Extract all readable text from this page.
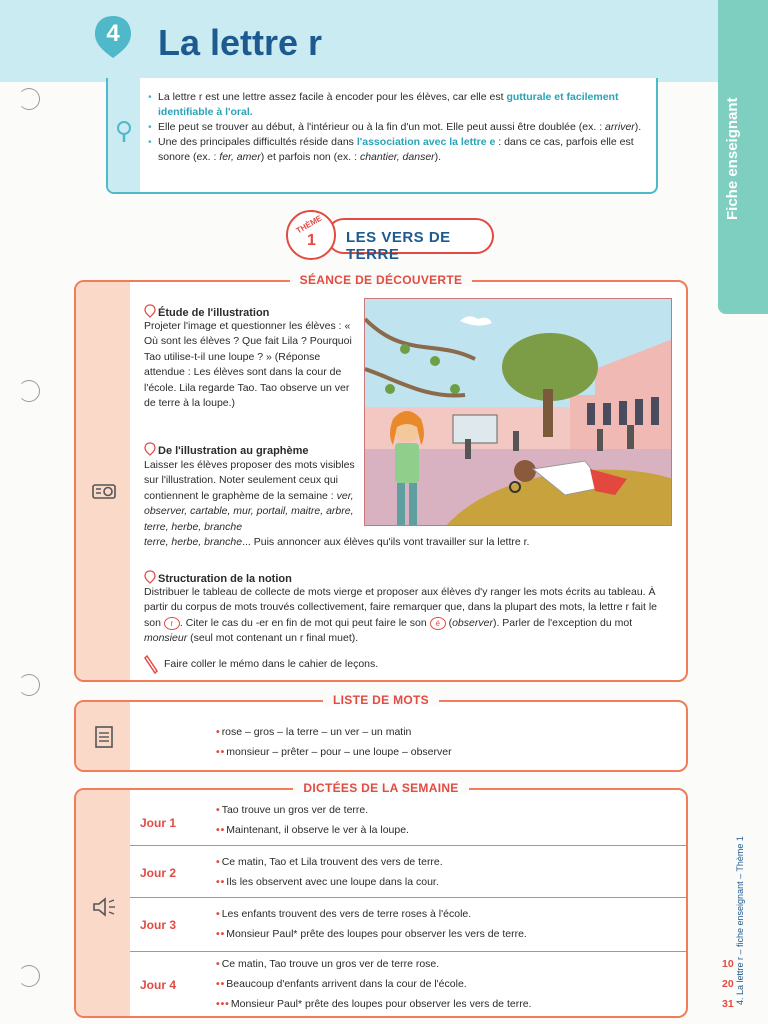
4	La lettre r
Fiche enseignant
4. La lettre r – fiche enseignant – Thème 1
• La lettre r est une lettre assez facile à encoder pour les élèves, car elle est gutturale et facilement identifiable à l'oral.
• Elle peut se trouver au début, à l'intérieur ou à la fin d'un mot. Elle peut aussi être doublée (ex. : arriver).
• Une des principales difficultés réside dans l'association avec la lettre e : dans ce cas, parfois elle est sonore (ex. : fer, amer) et parfois non (ex. : chantier, danser).
LES VERS DE TERRE
THÈME
1
SÉANCE DE DÉCOUVERTE
Étude de l'illustration
Projeter l'image et questionner les élèves : « Où sont les élèves ? Que fait Lila ? Pourquoi Tao utilise-t-il une loupe ? » (Réponse attendue : Les élèves sont dans la cour de l'école. Lila regarde Tao. Tao observe un ver de terre à la loupe.)
De l'illustration au graphème
Laisser les élèves proposer des mots visibles sur l'illustration. Noter seulement ceux qui contiennent le graphème de la semaine : ver, observer, cartable, mur, portail, maitre, arbre, terre, herbe, branche
terre, herbe, branche... Puis annoncer aux élèves qu'ils vont travailler sur la lettre r.
Structuration de la notion
Distribuer le tableau de collecte de mots vierge et proposer aux élèves d'y ranger les mots écrits au tableau. À partir du corpus de mots trouvés collectivement, faire remarquer que, dans la plupart des mots, la lettre r fait le son r . Citer le cas du -er en fin de mot qui peut faire le son é (observer). Parler de l'exception du mot monsieur (seul mot contenant un r final muet).
Faire coller le mémo dans le cahier de leçons.
LISTE DE MOTS
• rose – gros – la terre – un ver – un matin
• • monsieur – prêter – pour – une loupe – observer
DICTÉES DE LA SEMAINE
Jour 1
• Tao trouve un gros ver de terre.
• • Maintenant, il observe le ver à la loupe.
Jour 2
• Ce matin, Tao et Lila trouvent des vers de terre.
• • Ils les observent avec une loupe dans la cour.
Jour 3
• Les enfants trouvent des vers de terre roses à l'école.
• • Monsieur Paul* prête des loupes pour observer les vers de terre.
Jour 4
• Ce matin, Tao trouve un gros ver de terre rose.
• • Beaucoup d'enfants arrivent dans la cour de l'école.
• • • Monsieur Paul* prête des loupes pour observer les vers de terre.
10
20
31
